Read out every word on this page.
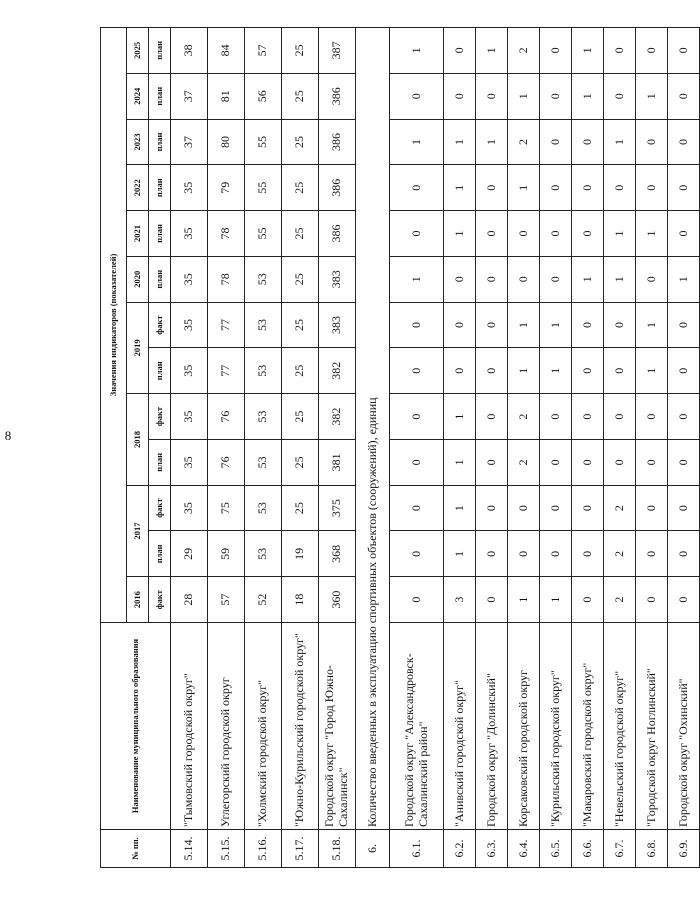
8
№ пп.	Наименование муниципального образования	Значения индикаторов (показателей)												
		2016	2017		2018		2019		2020	2021	2022	2023	2024	2025
		факт	план	факт	план	факт	план	факт	план	план	план	план	план	план
5.14.	"Тымовский городской округ"	28	29	35	35	35	35	35	35	35	35	37	37	38
5.15.	Углегорский городской округ	57	59	75	76	76	77	77	78	78	79	80	81	84
5.16.	"Холмский городской округ"	52	53	53	53	53	53	53	53	55	55	55	56	57
5.17.	"Южно-Курильский городской округ"	18	19	25	25	25	25	25	25	25	25	25	25	25
5.18.	Городской округ "Город Южно-Сахалинск"	360	368	375	381	382	382	383	383	386	386	386	386	387
6.	Количество введенных в эксплуатацию спортивных объектов (сооружений), единиц													
6.1.	Городской округ "Александровск-Сахалинский район"	0	0	0	0	0	0	0	1	0	0	1	0	1
6.2.	"Анивский городской округ"	3	1	1	1	1	0	0	0	1	1	1	0	0
6.3.	Городской округ "Долинский"	0	0	0	0	0	0	0	0	0	0	1	0	1
6.4.	Корсаковский городской округ	1	0	0	2	2	1	1	0	0	1	2	1	2
6.5.	"Курильский городской округ"	1	0	0	0	0	1	1	0	0	0	0	0	0
6.6.	"Макаровский городской округ"	0	0	0	0	0	0	0	1	0	0	0	1	1
6.7.	"Невельский городской округ"	2	2	2	0	0	0	0	1	1	0	1	0	0
6.8.	"Городской округ Ноглинский"	0	0	0	0	0	1	1	0	1	0	0	1	0
6.9.	Городской округ "Охинский"	0	0	0	0	0	0	0	1	0	0	0	0	0
